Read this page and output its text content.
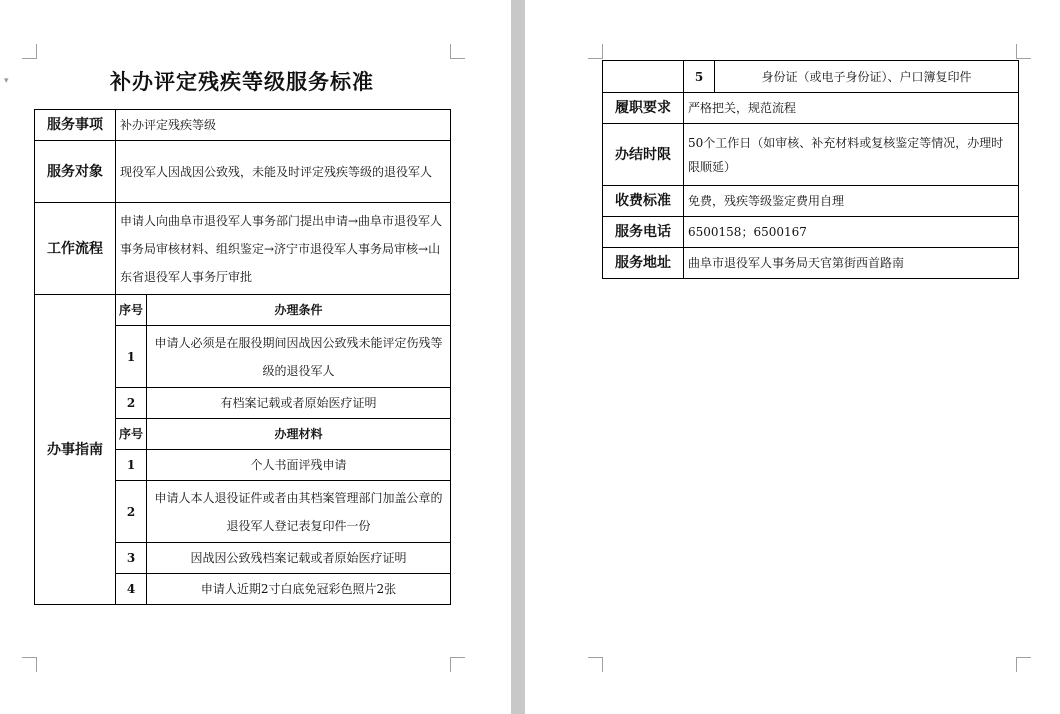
▾	补办评定残疾等级服务标准
服务事项	补办评定残疾等级	
服务对象	现役军人因战因公致残，未能及时评定残疾等级的退役军人	
工作流程	申请人向曲阜市退役军人事务部门提出申请→曲阜市退役军人事务局审核材料、组织鉴定→济宁市退役军人事务局审核→山东省退役军人事务厅审批	
办事指南	序号	办理条件
	1	申请人必须是在服役期间因战因公致残未能评定伤残等级的退役军人
	2	有档案记载或者原始医疗证明
	序号	办理材料
	1	个人书面评残申请
	2	申请人本人退役证件或者由其档案管理部门加盖公章的退役军人登记表复印件一份
	3	因战因公致残档案记载或者原始医疗证明
	4	申请人近期2寸白底免冠彩色照片2张
	5	身份证（或电子身份证）、户口簿复印件
履职要求	严格把关，规范流程	
办结时限	50个工作日（如审核、补充材料或复核鉴定等情况，办理时限顺延）	
收费标准	免费，残疾等级鉴定费用自理	
服务电话	6500158；6500167	
服务地址	曲阜市退役军人事务局天官第街西首路南	
